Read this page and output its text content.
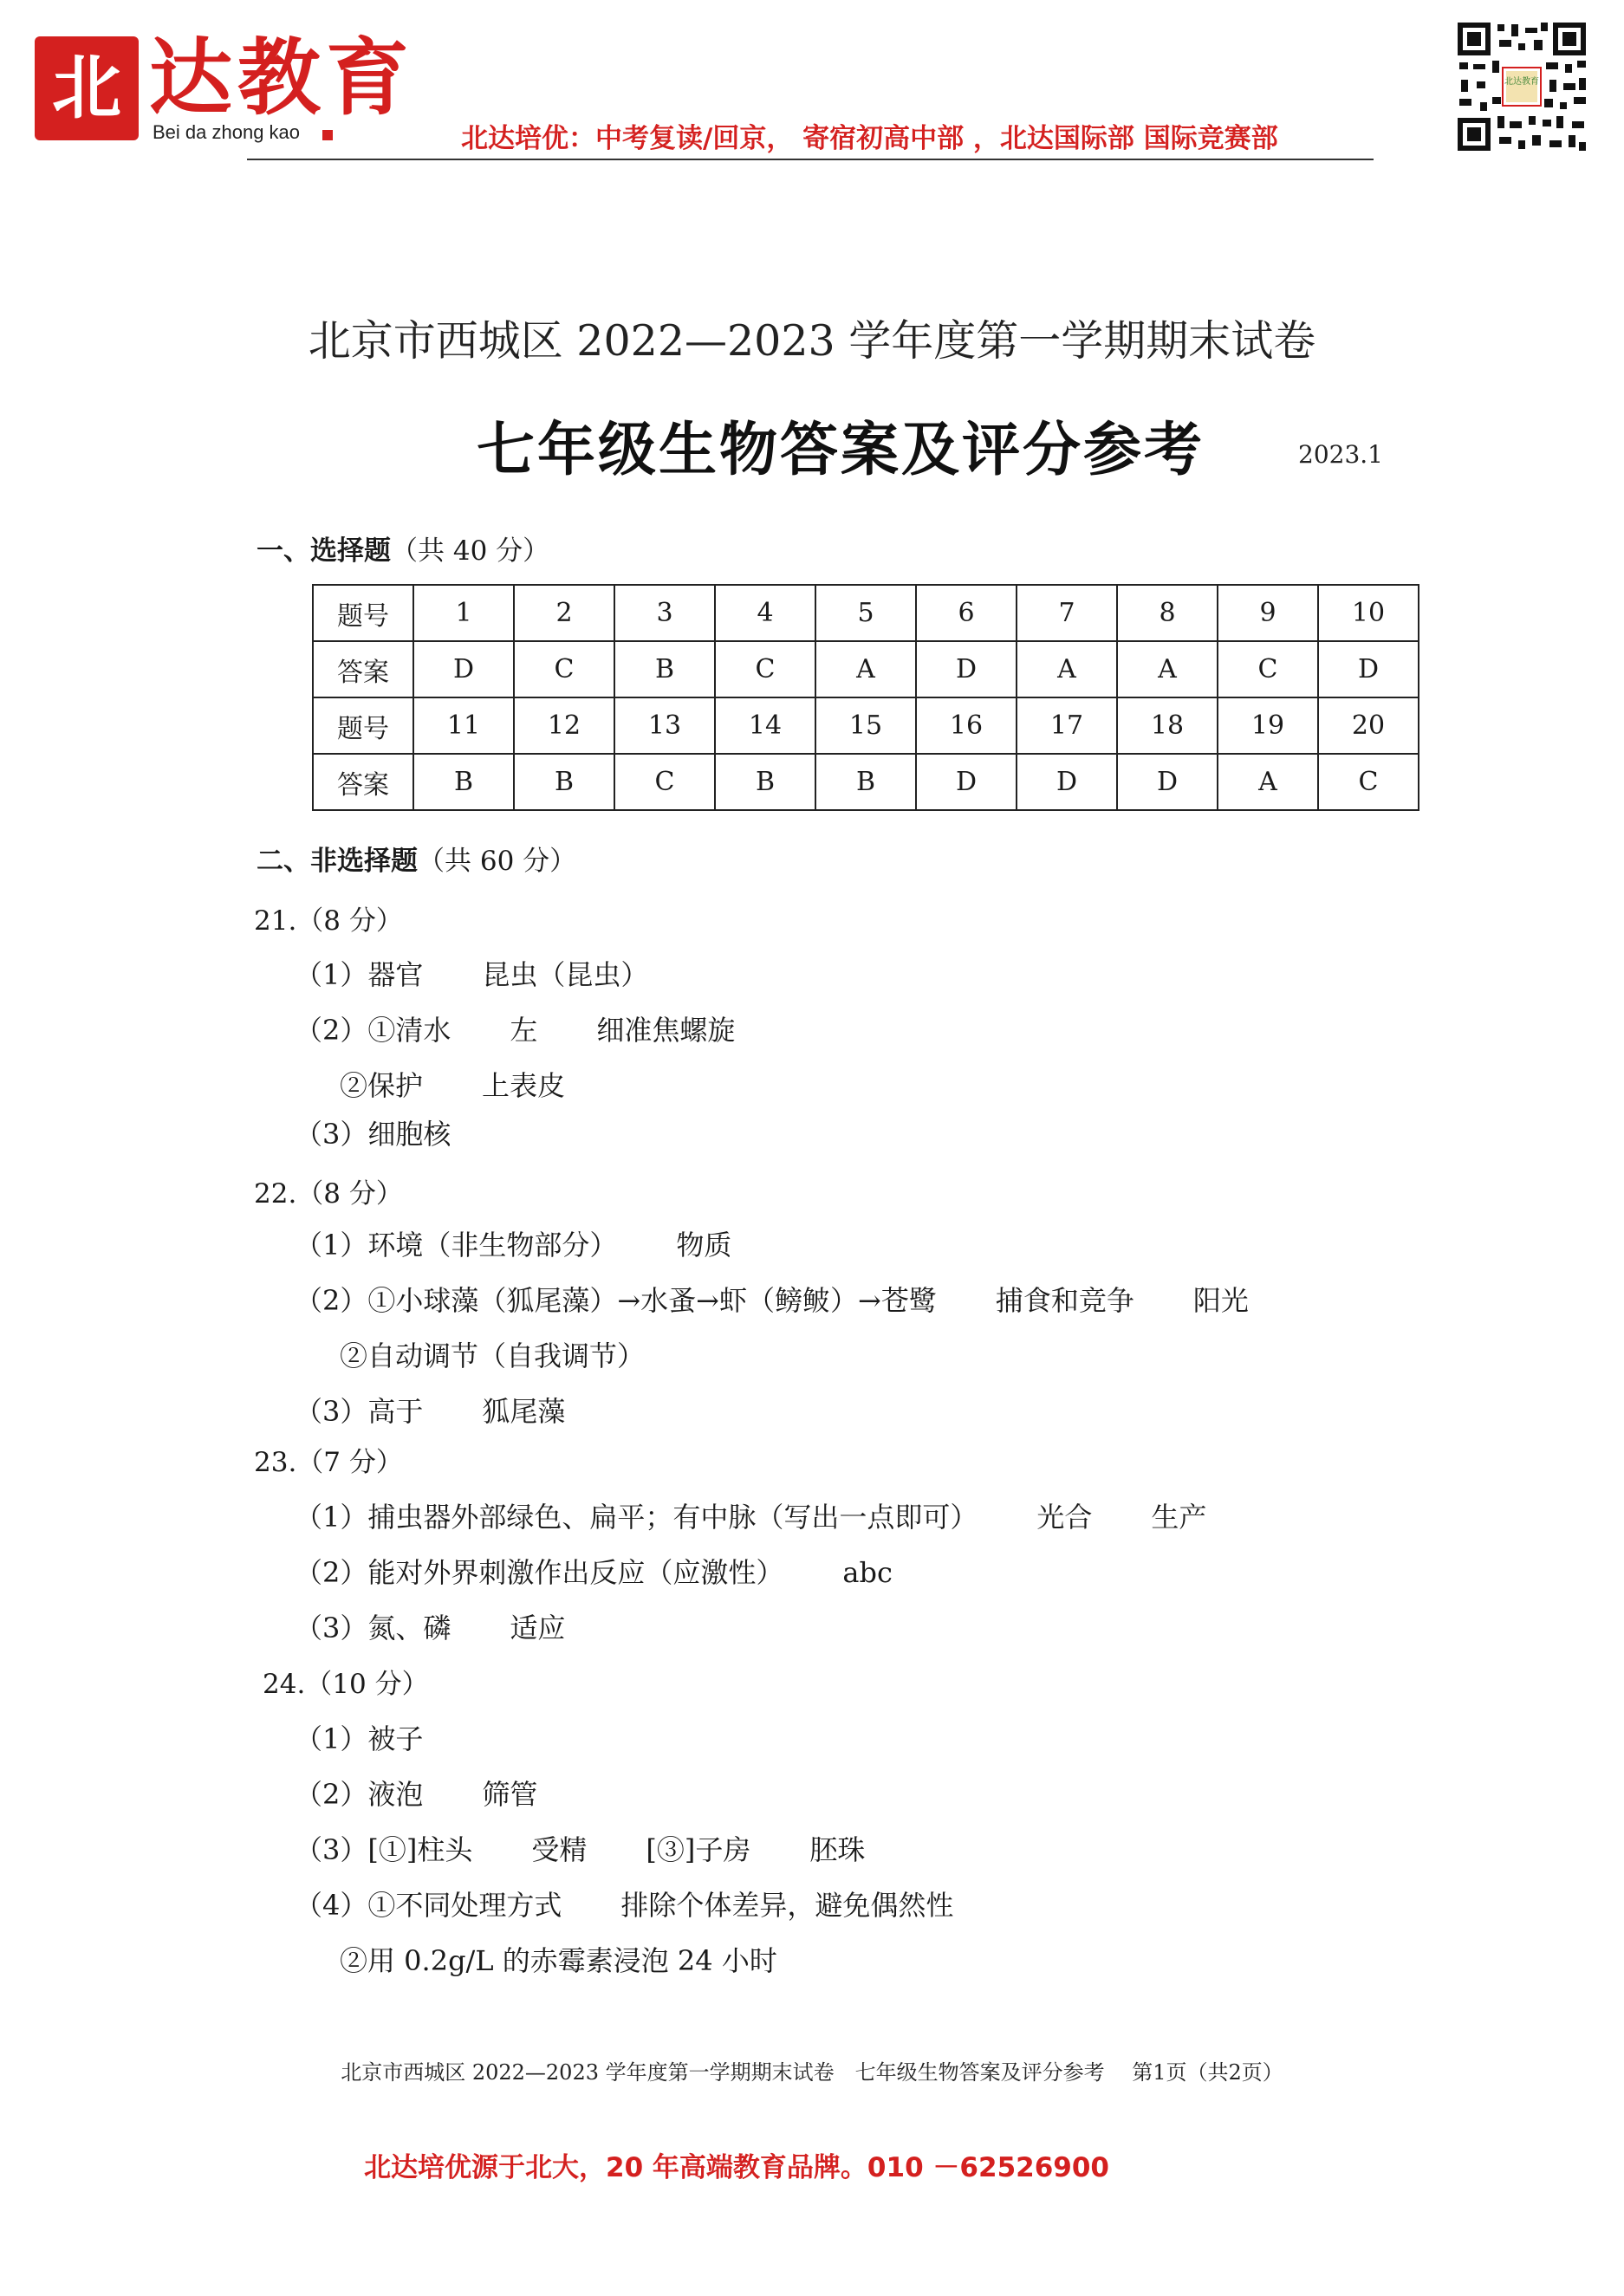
北 达教育
Bei da zhong kao	北达培优：中考复读/回京， 寄宿初高中部 ，北达国际部 国际竞赛部
北达教育
北京市西城区 2022—2023 学年度第一学期期末试卷
七年级生物答案及评分参考	2023.1
一、选择题（共 40 分）
题号	1	2	3	4	5	6	7	8	9	10
答案	D	C	B	C	A	D	A	A	C	D
题号	11	12	13	14	15	16	17	18	19	20
答案	B	B	C	B	B	D	D	D	A	C
二、非选择题（共 60 分）
21.（8 分）
（1）器官 昆虫（昆虫）
（2）①清水 左 细准焦螺旋
②保护 上表皮
（3）细胞核
22.（8 分）
（1）环境（非生物部分） 物质
（2）①小球藻（狐尾藻）→水蚤→虾（鳑鲏）→苍鹭 捕食和竞争 阳光
②自动调节（自我调节）
（3）高于 狐尾藻
23.（7 分）
（1）捕虫器外部绿色、扁平；有中脉（写出一点即可） 光合 生产
（2）能对外界刺激作出反应（应激性） abc
（3）氮、磷 适应
24.（10 分）
（1）被子
（2）液泡 筛管
（3）[①]柱头 受精 [③]子房 胚珠
（4）①不同处理方式 排除个体差异，避免偶然性
②用 0.2g/L 的赤霉素浸泡 24 小时
北京市西城区 2022—2023 学年度第一学期期末试卷　七年级生物答案及评分参考　 第1页（共2页）
北达培优源于北大，20 年高端教育品牌。010 －62526900
